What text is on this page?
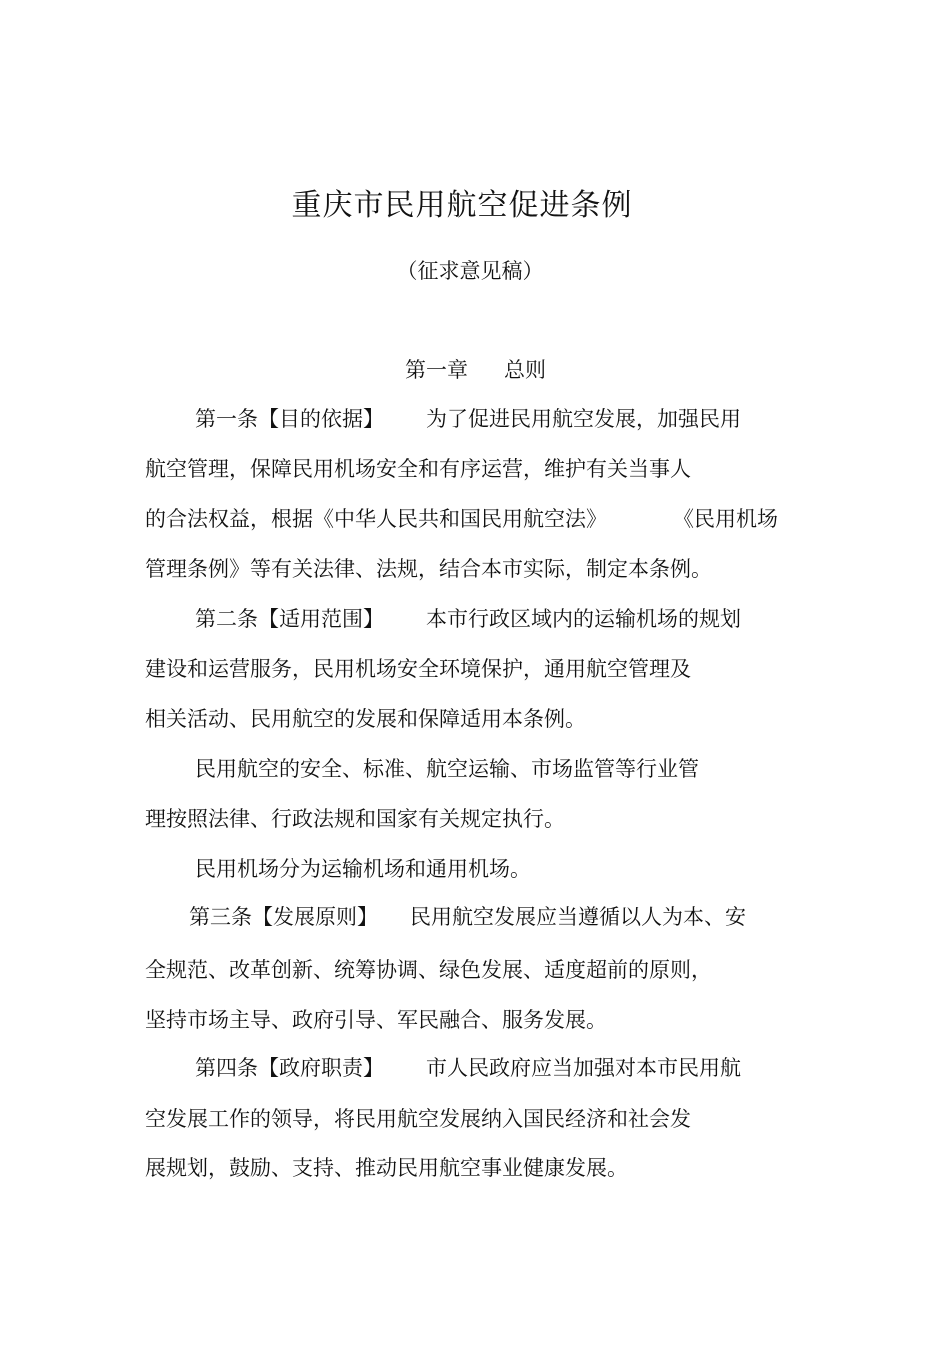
重庆市民用航空促进条例
（征求意见稿）
第一章 总则
第一条【目的依据】 为了促进民用航空发展，加强民用
航空管理，保障民用机场安全和有序运营，维护有关当事人
的合法权益，根据《中华人民共和国民用航空法》	《民用机场
管理条例》等有关法律、法规，结合本市实际，制定本条例。
第二条【适用范围】 本市行政区域内的运输机场的规划
建设和运营服务，民用机场安全环境保护，通用航空管理及
相关活动、民用航空的发展和保障适用本条例。
民用航空的安全、标准、航空运输、市场监管等行业管
理按照法律、行政法规和国家有关规定执行。
民用机场分为运输机场和通用机场。
第三条【发展原则】 民用航空发展应当遵循以人为本、安
全规范、改革创新、统筹协调、绿色发展、适度超前的原则，
坚持市场主导、政府引导、军民融合、服务发展。
第四条【政府职责】 市人民政府应当加强对本市民用航
空发展工作的领导，将民用航空发展纳入国民经济和社会发
展规划，鼓励、支持、推动民用航空事业健康发展。
